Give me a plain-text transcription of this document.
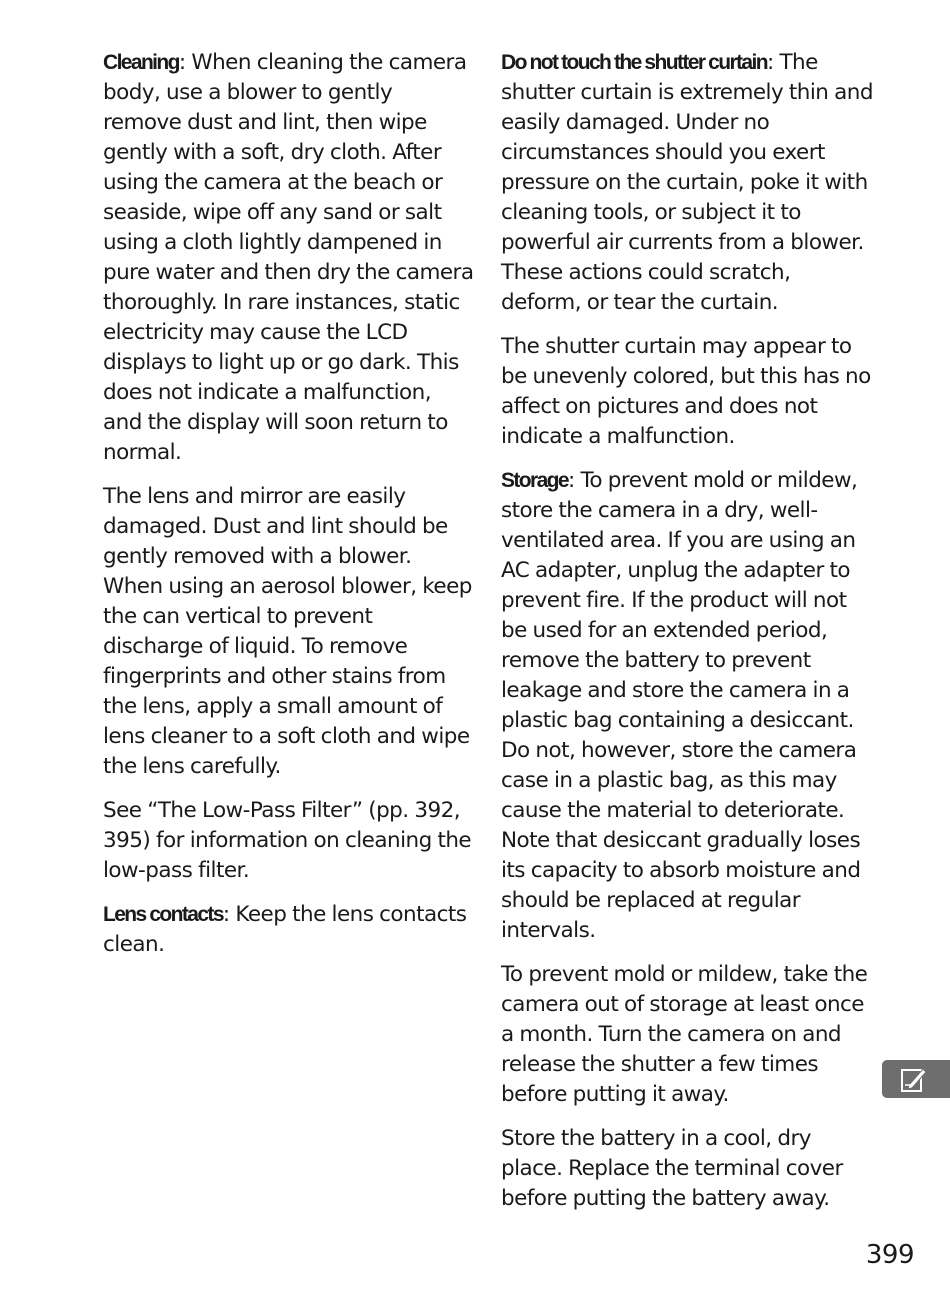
Cleaning: When cleaning the camera body, use a blower to gently remove dust and lint, then wipe gently with a soft, dry cloth. After using the camera at the beach or seaside, wipe off any sand or salt using a cloth lightly dampened in pure water and then dry the camera thoroughly. In rare instances, static electricity may cause the LCD displays to light up or go dark. This does not indicate a malfunction, and the display will soon return to normal.

The lens and mirror are easily damaged. Dust and lint should be gently removed with a blower. When using an aerosol blower, keep the can vertical to prevent discharge of liquid. To remove fingerprints and other stains from the lens, apply a small amount of lens cleaner to a soft cloth and wipe the lens carefully.

See “The Low-Pass Filter” (pp. 392, 395) for information on cleaning the low-pass filter.

Lens contacts: Keep the lens contacts clean.

Do not touch the shutter curtain: The shutter curtain is extremely thin and easily damaged. Under no circumstances should you exert pressure on the curtain, poke it with cleaning tools, or subject it to powerful air currents from a blower. These actions could scratch, deform, or tear the curtain.

The shutter curtain may appear to be unevenly colored, but this has no affect on pictures and does not indicate a malfunction.

Storage: To prevent mold or mildew, store the camera in a dry, well-ventilated area. If you are using an AC adapter, unplug the adapter to prevent fire. If the product will not be used for an extended period, remove the battery to prevent leakage and store the camera in a plastic bag containing a desiccant. Do not, however, store the camera case in a plastic bag, as this may cause the material to deteriorate. Note that desiccant gradually loses its capacity to absorb moisture and should be replaced at regular intervals.

To prevent mold or mildew, take the camera out of storage at least once a month. Turn the camera on and release the shutter a few times before putting it away.

Store the battery in a cool, dry place. Replace the terminal cover before putting the battery away.

399
